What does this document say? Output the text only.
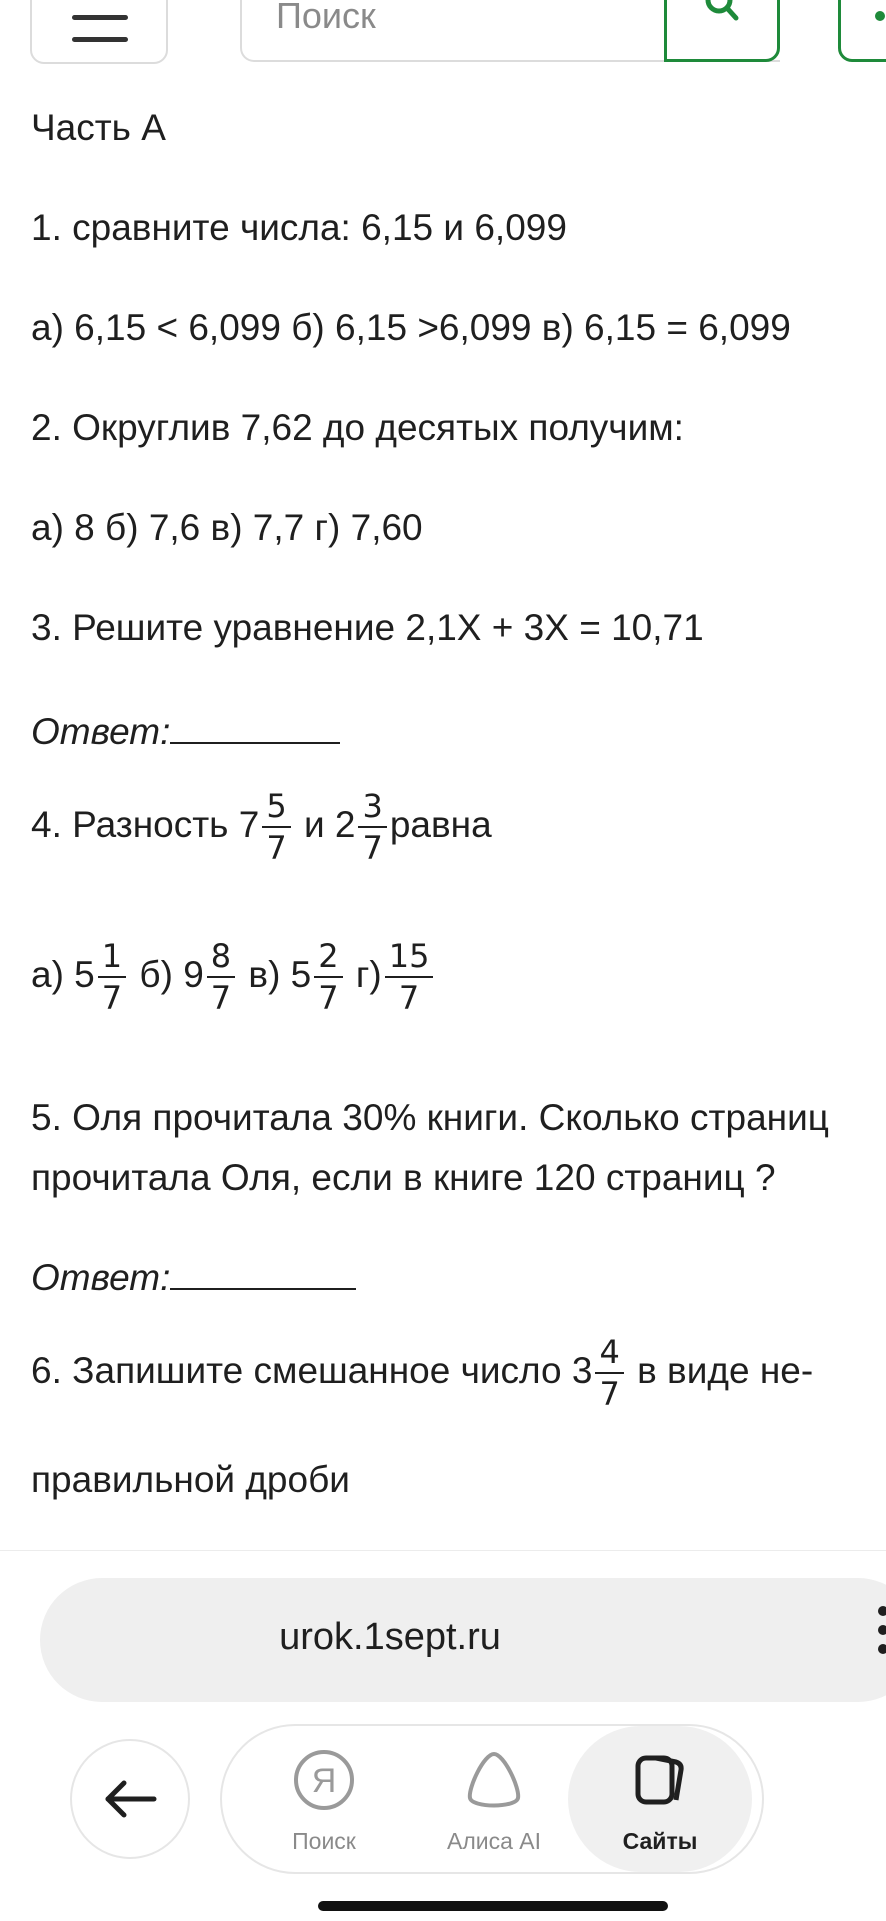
Поиск
Часть А
1. сравните числа: 6,15 и 6,099
а) 6,15 < 6,099 б) 6,15 >6,099 в) 6,15 = 6,099
2. Округлив 7,62 до десятых получим:
а) 8 б) 7,6 в) 7,7 г) 7,60
3. Решите уравнение 2,1Х + 3Х = 10,71
Ответ:
4. Разность $7 \frac{5}{7}$ и $2 \frac{3}{7}$ равна
а) $5 \frac{1}{7} б$) $9 \frac{8}{7} в$) $5 \frac{2}{7} г) \frac{15}{7}$
5. Оля прочитала 30% книги. Сколько страниц
прочитала Оля, если в книге 120 страниц ?
Ответ:
6. Запишите смешанное число $3 \frac{4}{7}$ в виде не-
правильной дроби
urok.1sept.ru
Я
Поиск	Алиса AI	Сайты
